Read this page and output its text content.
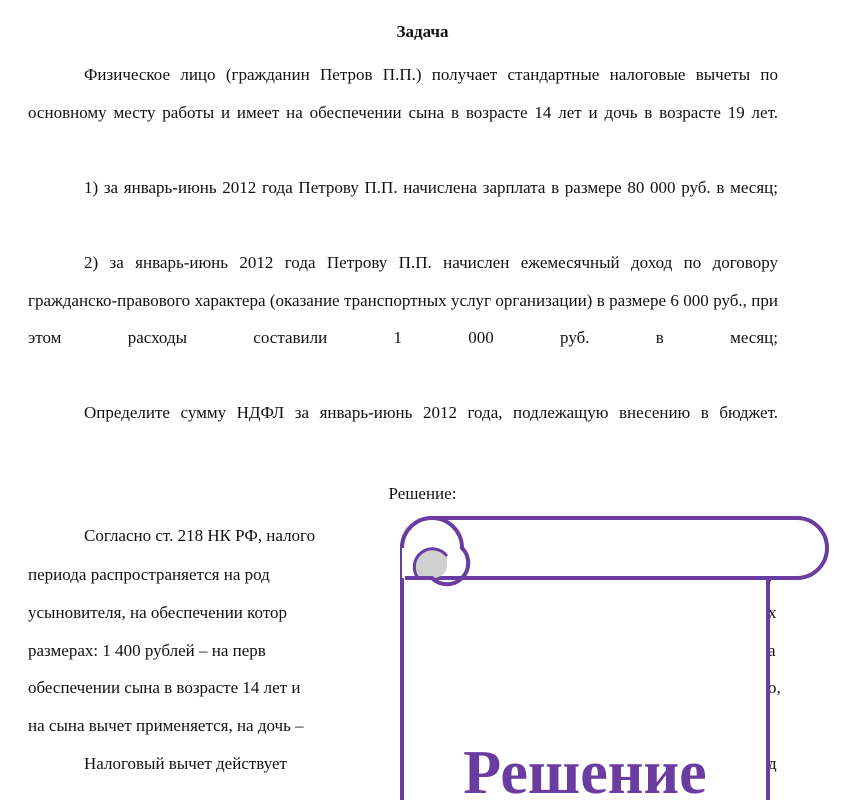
Задача
Физическое лицо (гражданин Петров П.П.) получает стандартные налоговые вычеты по основному месту работы и имеет на обеспечении сына в возрасте 14 лет и дочь в возрасте 19 лет.
1) за январь-июнь 2012 года Петрову П.П. начислена зарплата в размере 80 000 руб. в месяц;
2) за январь-июнь 2012 года Петрову П.П. начислен ежемесячный доход по договору гражданско-правового характера (оказание транспортных услуг организации) в размере 6 000 руб., при этом расходы составили 1 000 руб. в месяц;
Определите сумму НДФЛ за январь-июнь 2012 года, подлежащую внесению в бюджет.
Решение:
Согласно ст. 218 НК РФ, налого
периода распространяется на род
усыновителя, на обеспечении котор
размерах: 1 400 рублей – на перв
обеспечении сына в возрасте 14 лет и
на сына вычет применяется, на дочь –
Налоговый вычет действует
х
а
о,
д
Решение
